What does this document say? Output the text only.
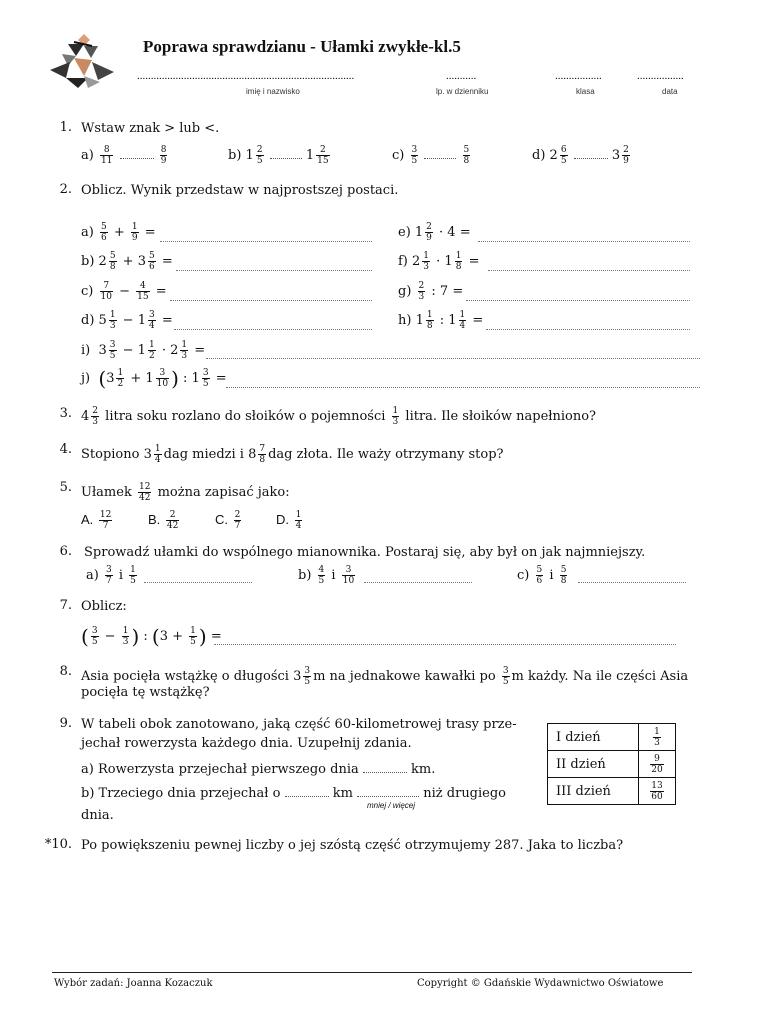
Poprawa sprawdzianu - Ułamki zwykłe-kl.5
...............................................................................
imię i nazwisko
...........
lp. w dzienniku
.................
klasa
.................
data
1. Wstaw znak > lub <.
$a) \frac{8}{11}$
	$\frac{8}{9}$	b) $1 \frac{2}{5}$	$1 \frac{2}{15}$	$c) \frac{3}{5}$
	$\frac{5}{8}$	d) $2 \frac{6}{5}$	$3 \frac{2}{9}$
2. Oblicz. Wynik przedstaw w najprostszej postaci.
$a) \frac{5}{6} + \frac{1}{9}$ =
b) $2 \frac{5}{8} + 3 \frac{5}{6}$ =
$c) \frac{7}{10} - \frac{4}{15}$ =
d) $5 \frac{1}{3} - 1 \frac{3}{4}$ =
e) $1 \frac{2}{9} \cdot 4$ =
f) $2 \frac{1}{3} \cdot 1 \frac{1}{8}$ =
$g) \frac{2}{3}$ : 7 =
h) $1 \frac{1}{8}$ : $1 \frac{1}{4}$ =
i)  $3 \frac{3}{5} - 1 \frac{1}{2} \cdot 2 \frac{1}{3}$ =
j) ($3 \frac{1}{2} + 1 \frac{3}{10}$ ) : $1 \frac{3}{5}$ =
3. $4 \frac{2}{3}$ litra soku rozlano do słoików o pojemności $\frac{1}{3}$ litra. Ile słoików napełniono?
4. Stopiono $3 \frac{1}{4}$ dag miedzi i $8 \frac{7}{8}$ dag złota. Ile waży otrzymany stop?
5. Ułamek $\frac{12}{42}$ można zapisać jako:
A. $\frac{12}{7}$	B. $\frac{2}{42}$	C. $\frac{2}{7}$	D. $\frac{1}{4}$
6. Sprowadź ułamki do wspólnego mianownika. Postaraj się, aby był on jak najmniejszy.
$a) \frac{3}{7}$ i $\frac{1}{5}$	$b) \frac{4}{5}$ i $\frac{3}{10}$	$c) \frac{5}{6}$ i $\frac{5}{8}$
7. Oblicz:
( $\frac{3}{5} - \frac{1}{3}$ ) : ($3 + \frac{1}{5}$ ) =
8. Asia pocięła wstążkę o długości $3 \frac{3}{5}$ m na jednakowe kawałki po $\frac{3}{5}$ m każdy. Na ile części Asia
pocięła tę wstążkę?
9. W tabeli obok zanotowano, jaką część 60-kilometrowej trasy prze-
jechał rowerzysta każdego dnia. Uzupełnij zdania.
a) Rowerzysta przejechał pierwszego dnia	km.
b) Trzeciego dnia przejechał o	km	niż drugiego
mniej / więcej
dnia.
I dzień	$\frac{1}{3}$

II dzień	$\frac{9}{20}$

III dzień	$\frac{13}{60}$
*10. Po powiększeniu pewnej liczby o jej szóstą część otrzymujemy 287. Jaka to liczba?
Wybór zadań: Joanna Kozaczuk	Copyright © Gdańskie Wydawnictwo Oświatowe
